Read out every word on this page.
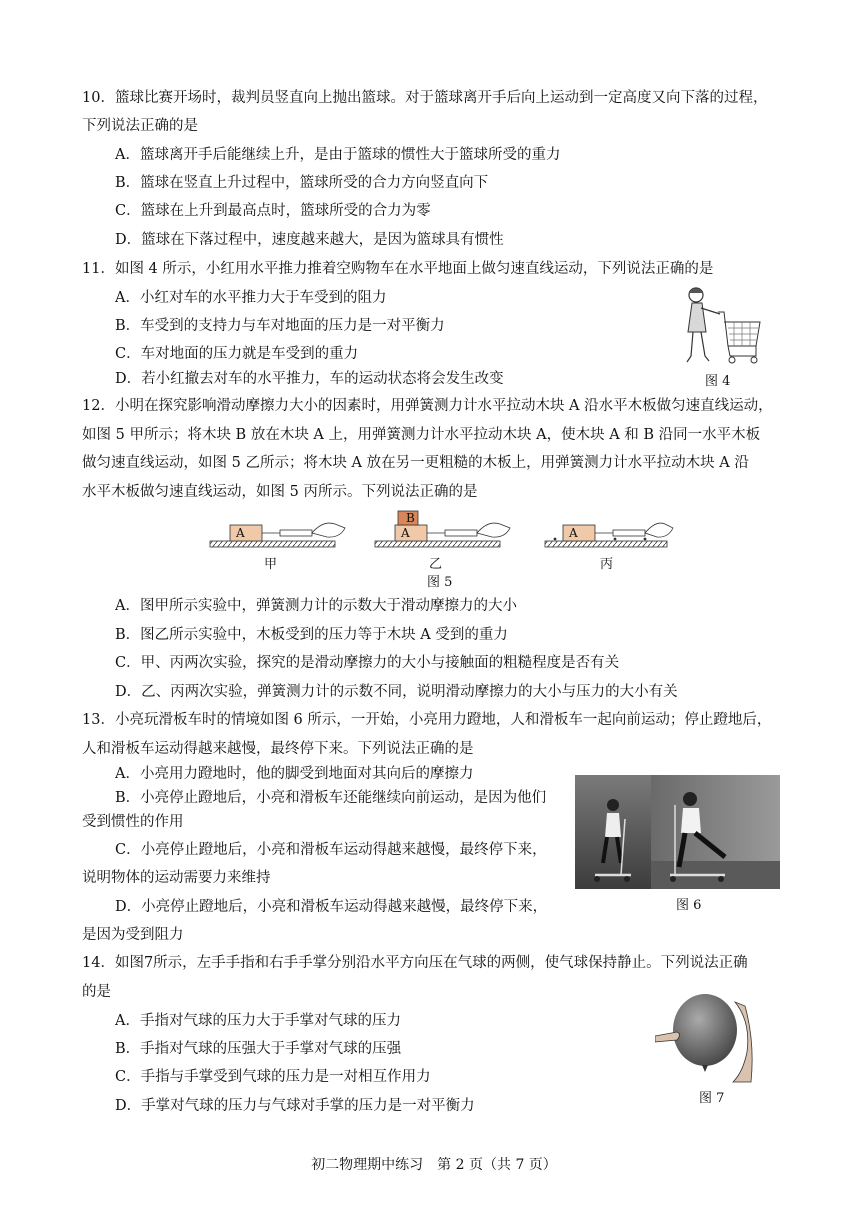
10．篮球比赛开场时，裁判员竖直向上抛出篮球。对于篮球离开手后向上运动到一定高度又向下落的过程，
下列说法正确的是
A．篮球离开手后能继续上升，是由于篮球的惯性大于篮球所受的重力
B．篮球在竖直上升过程中，篮球所受的合力方向竖直向下
C．篮球在上升到最高点时，篮球所受的合力为零
D．篮球在下落过程中，速度越来越大，是因为篮球具有惯性
11．如图 4 所示，小红用水平推力推着空购物车在水平地面上做匀速直线运动，下列说法正确的是
A．小红对车的水平推力大于车受到的阻力
B．车受到的支持力与车对地面的压力是一对平衡力
C．车对地面的压力就是车受到的重力
D．若小红撤去对车的水平推力，车的运动状态将会发生改变	图 4
12．小明在探究影响滑动摩擦力大小的因素时，用弹簧测力计水平拉动木块 A 沿水平木板做匀速直线运动，
如图 5 甲所示；将木块 B 放在木块 A 上，用弹簧测力计水平拉动木块 A，使木块 A 和 B 沿同一水平木板
做匀速直线运动，如图 5 乙所示；将木块 A 放在另一更粗糙的木板上，用弹簧测力计水平拉动木块 A 沿
水平木板做匀速直线运动，如图 5 丙所示。下列说法正确的是
A
B
A	A
甲	乙	丙
图 5
A．图甲所示实验中，弹簧测力计的示数大于滑动摩擦力的大小
B．图乙所示实验中，木板受到的压力等于木块 A 受到的重力
C．甲、丙两次实验，探究的是滑动摩擦力的大小与接触面的粗糙程度是否有关
D．乙、丙两次实验，弹簧测力计的示数不同，说明滑动摩擦力的大小与压力的大小有关
13．小亮玩滑板车时的情境如图 6 所示，一开始，小亮用力蹬地，人和滑板车一起向前运动；停止蹬地后，
人和滑板车运动得越来越慢，最终停下来。下列说法正确的是
A．小亮用力蹬地时，他的脚受到地面对其向后的摩擦力
B．小亮停止蹬地后，小亮和滑板车还能继续向前运动，是因为他们
受到惯性的作用
C．小亮停止蹬地后，小亮和滑板车运动得越来越慢，最终停下来，
说明物体的运动需要力来维持
D．小亮停止蹬地后，小亮和滑板车运动得越来越慢，最终停下来，
是因为受到阻力
图 6
14．如图7所示，左手手指和右手手掌分别沿水平方向压在气球的两侧，使气球保持静止。下列说法正确
的是
A．手指对气球的压力大于手掌对气球的压力
B．手指对气球的压强大于手掌对气球的压强
C．手指与手掌受到气球的压力是一对相互作用力
D．手掌对气球的压力与气球对手掌的压力是一对平衡力	图 7
初二物理期中练习　第 2 页（共 7 页）
